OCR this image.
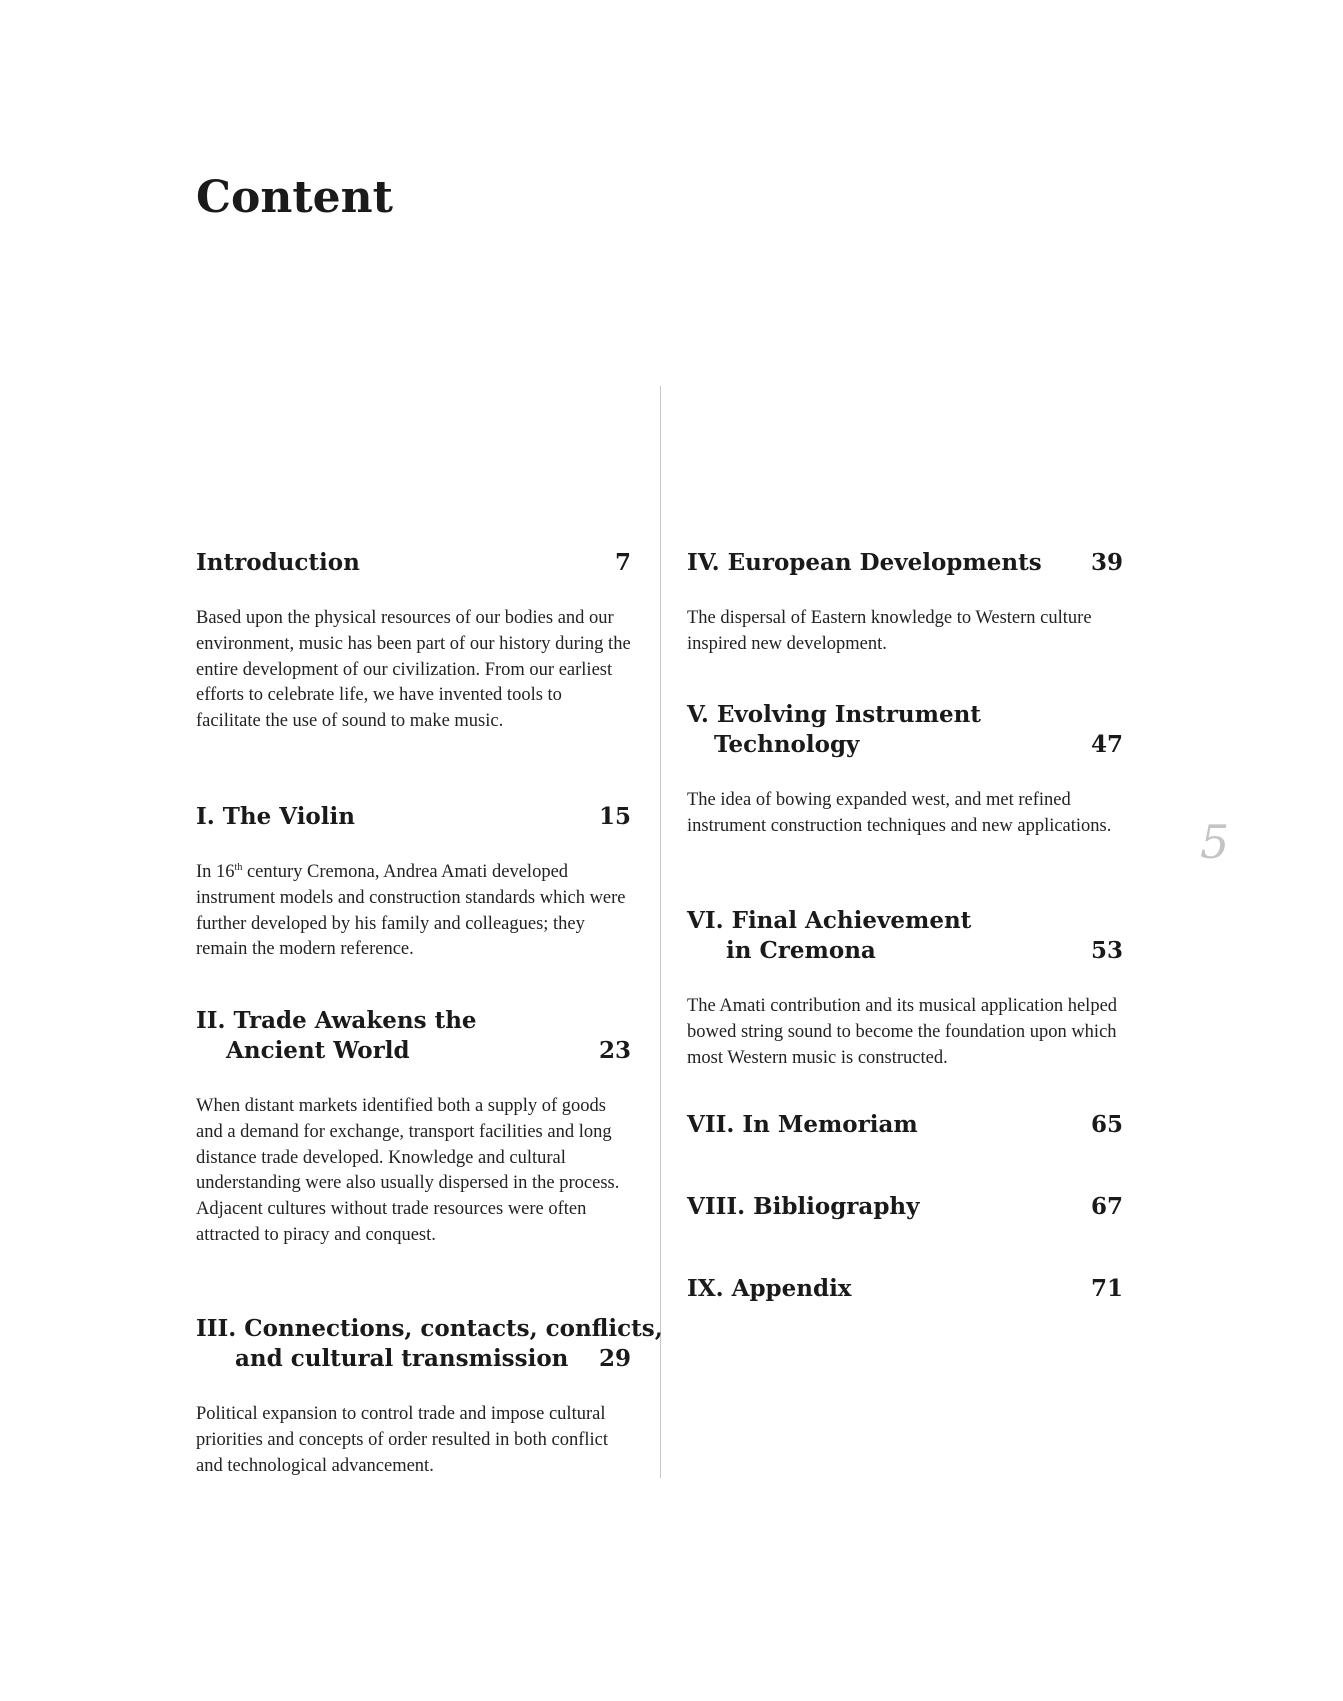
Content
Introduction	7
Based upon the physical resources of our bodies and our environment, music has been part of our history during the entire development of our civilization. From our earliest efforts to celebrate life, we have invented tools to facilitate the use of sound to make music.
I. The Violin	15
In 16th century Cremona, Andrea Amati developed instrument models and construction standards which were further developed by his family and colleagues; they remain the modern reference.
II. Trade Awakens the
Ancient World	23
When distant markets identified both a supply of goods and a demand for exchange, transport facilities and long distance trade developed. Knowledge and cultural understanding were also usually dispersed in the process. Adjacent cultures without trade resources were often attracted to piracy and conquest.
III. Connections, contacts, conflicts,
and cultural transmission 29
Political expansion to control trade and impose cultural priorities and concepts of order resulted in both conflict and technological advancement.
IV. European Developments 39
The dispersal of Eastern knowledge to Western culture inspired new development.
V. Evolving Instrument
Technology	47
The idea of bowing expanded west, and met refined instrument construction techniques and new applications.
VI. Final Achievement
in Cremona	53
The Amati contribution and its musical application helped bowed string sound to become the foundation upon which most Western music is constructed.
VII. In Memoriam	65
VIII. Bibliography	67
IX. Appendix	71
5
